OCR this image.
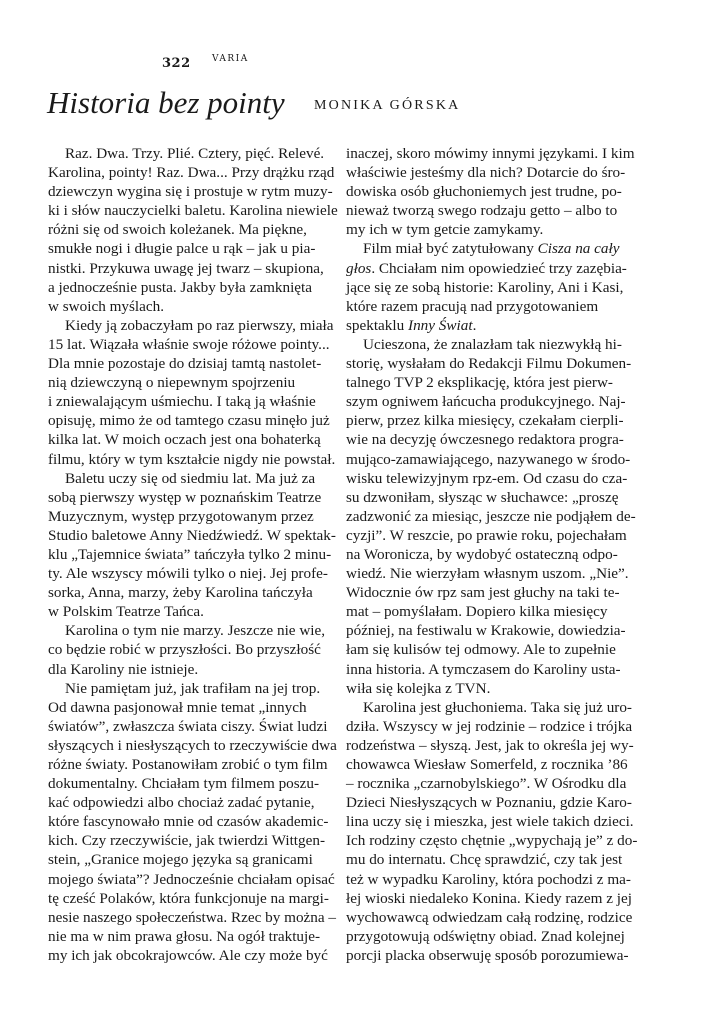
322 VARIA
Historia bez pointy MONIKA GÓRSKA
Raz. Dwa. Trzy. Plié. Cztery, pięć. Relevé.
Karolina, pointy! Raz. Dwa... Przy drążku rząd
dziewczyn wygina się i prostuje w rytm muzy-
ki i słów nauczycielki baletu. Karolina niewiele
różni się od swoich koleżanek. Ma piękne,
smukłe nogi i długie palce u rąk – jak u pia-
nistki. Przykuwa uwagę jej twarz – skupiona,
a jednocześnie pusta. Jakby była zamknięta
w swoich myślach.
Kiedy ją zobaczyłam po raz pierwszy, miała
15 lat. Wiązała właśnie swoje różowe pointy...
Dla mnie pozostaje do dzisiaj tamtą nastolet-
nią dziewczyną o niepewnym spojrzeniu
i zniewalającym uśmiechu. I taką ją właśnie
opisuję, mimo że od tamtego czasu minęło już
kilka lat. W moich oczach jest ona bohaterką
filmu, który w tym kształcie nigdy nie powstał.
Baletu uczy się od siedmiu lat. Ma już za
sobą pierwszy występ w poznańskim Teatrze
Muzycznym, występ przygotowanym przez
Studio baletowe Anny Niedźwiedź. W spektak-
klu „Tajemnice świata” tańczyła tylko 2 minu-
ty. Ale wszyscy mówili tylko o niej. Jej profe-
sorka, Anna, marzy, żeby Karolina tańczyła
w Polskim Teatrze Tańca.
Karolina o tym nie marzy. Jeszcze nie wie,
co będzie robić w przyszłości. Bo przyszłość
dla Karoliny nie istnieje.
Nie pamiętam już, jak trafiłam na jej trop.
Od dawna pasjonował mnie temat „innych
światów”, zwłaszcza świata ciszy. Świat ludzi
słyszących i niesłyszących to rzeczywiście dwa
różne światy. Postanowiłam zrobić o tym film
dokumentalny. Chciałam tym filmem poszu-
kać odpowiedzi albo chociaż zadać pytanie,
które fascynowało mnie od czasów akademic-
kich. Czy rzeczywiście, jak twierdzi Wittgen-
stein, „Granice mojego języka są granicami
mojego świata”? Jednocześnie chciałam opisać
tę cześć Polaków, która funkcjonuje na margi-
nesie naszego społeczeństwa. Rzec by można –
nie ma w nim prawa głosu. Na ogół traktuje-
my ich jak obcokrajowców. Ale czy może być
inaczej, skoro mówimy innymi językami. I kim
właściwie jesteśmy dla nich? Dotarcie do śro-
dowiska osób głuchoniemych jest trudne, po-
nieważ tworzą swego rodzaju getto – albo to
my ich w tym getcie zamykamy.
Film miał być zatytułowany Cisza na cały
głos. Chciałam nim opowiedzieć trzy zazębia-
jące się ze sobą historie: Karoliny, Ani i Kasi,
które razem pracują nad przygotowaniem
spektaklu Inny Świat.
Ucieszona, że znalazłam tak niezwykłą hi-
storię, wysłałam do Redakcji Filmu Dokumen-
talnego TVP 2 eksplikację, która jest pierw-
szym ogniwem łańcucha produkcyjnego. Naj-
pierw, przez kilka miesięcy, czekałam cierpli-
wie na decyzję ówczesnego redaktora progra-
mująco-zamawiającego, nazywanego w środo-
wisku telewizyjnym rpz-em. Od czasu do cza-
su dzwoniłam, słysząc w słuchawce: „proszę
zadzwonić za miesiąc, jeszcze nie podjąłem de-
cyzji”. W reszcie, po prawie roku, pojechałam
na Woronicza, by wydobyć ostateczną odpo-
wiedź. Nie wierzyłam własnym uszom. „Nie”.
Widocznie ów rpz sam jest głuchy na taki te-
mat – pomyślałam. Dopiero kilka miesięcy
później, na festiwalu w Krakowie, dowiedzia-
łam się kulisów tej odmowy. Ale to zupełnie
inna historia. A tymczasem do Karoliny usta-
wiła się kolejka z TVN.
Karolina jest głuchoniema. Taka się już uro-
dziła. Wszyscy w jej rodzinie – rodzice i trójka
rodzeństwa – słyszą. Jest, jak to określa jej wy-
chowawca Wiesław Somerfeld, z rocznika ’86
– rocznika „czarnobylskiego”. W Ośrodku dla
Dzieci Niesłyszących w Poznaniu, gdzie Karo-
lina uczy się i mieszka, jest wiele takich dzieci.
Ich rodziny często chętnie „wypychają je” z do-
mu do internatu. Chcę sprawdzić, czy tak jest
też w wypadku Karoliny, która pochodzi z ma-
łej wioski niedaleko Konina. Kiedy razem z jej
wychowawcą odwiedzam całą rodzinę, rodzice
przygotowują odświętny obiad. Znad kolejnej
porcji placka obserwuję sposób porozumiewa-
